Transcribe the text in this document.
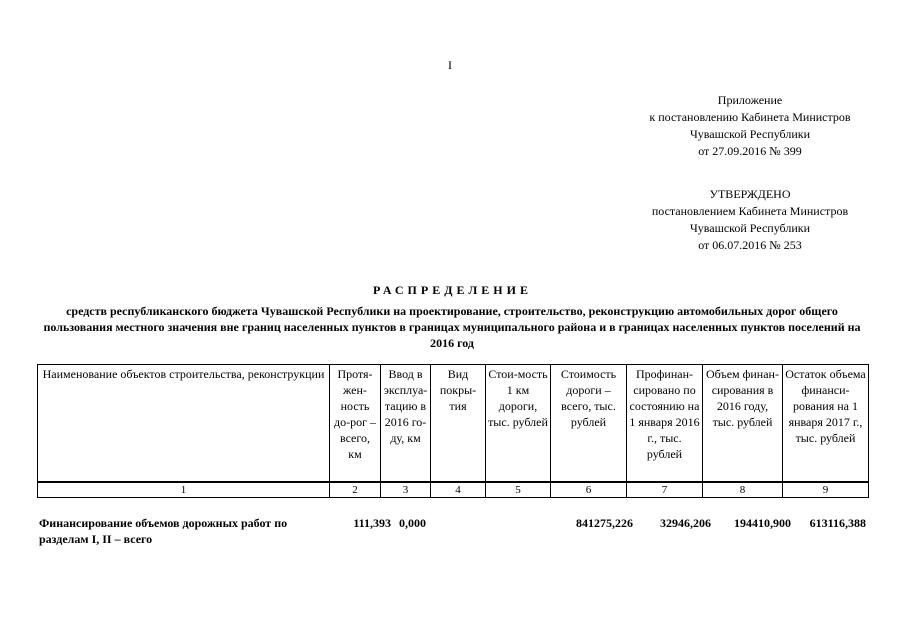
I
Приложение
к постановлению Кабинета Министров
Чувашской Республики
от 27.09.2016 № 399
УТВЕРЖДЕНО
постановлением Кабинета Министров
Чувашской Республики
от 06.07.2016 № 253
РАСПРЕДЕЛЕНИЕ
средств республиканского бюджета Чувашской Республики на проектирование, строительство, реконструкцию автомобильных дорог общего пользования местного значения вне границ населенных пунктов в границах муниципального района и в границах населенных пунктов поселений на 2016 год
Наименование объектов строительства, реконструкции	Протя-жен-ность до-рог – всего, км	Ввод в эксплуа-тацию в 2016 го-ду, км	Вид покры-тия	Стои-мость 1 км дороги, тыс. рублей	Стоимость дороги – всего, тыс. рублей	Профинан-сировано по состоянию на 1 января 2016 г., тыс. рублей	Объем финан-сирования в 2016 году, тыс. рублей	Остаток объема финанси-рования на 1 января 2017 г., тыс. рублей
1	2	3	4	5	6	7	8	9
Финансирование объемов дорожных работ по разделам I, II – всего	111,393	0,000			841275,226	32946,206	194410,900	613116,388
